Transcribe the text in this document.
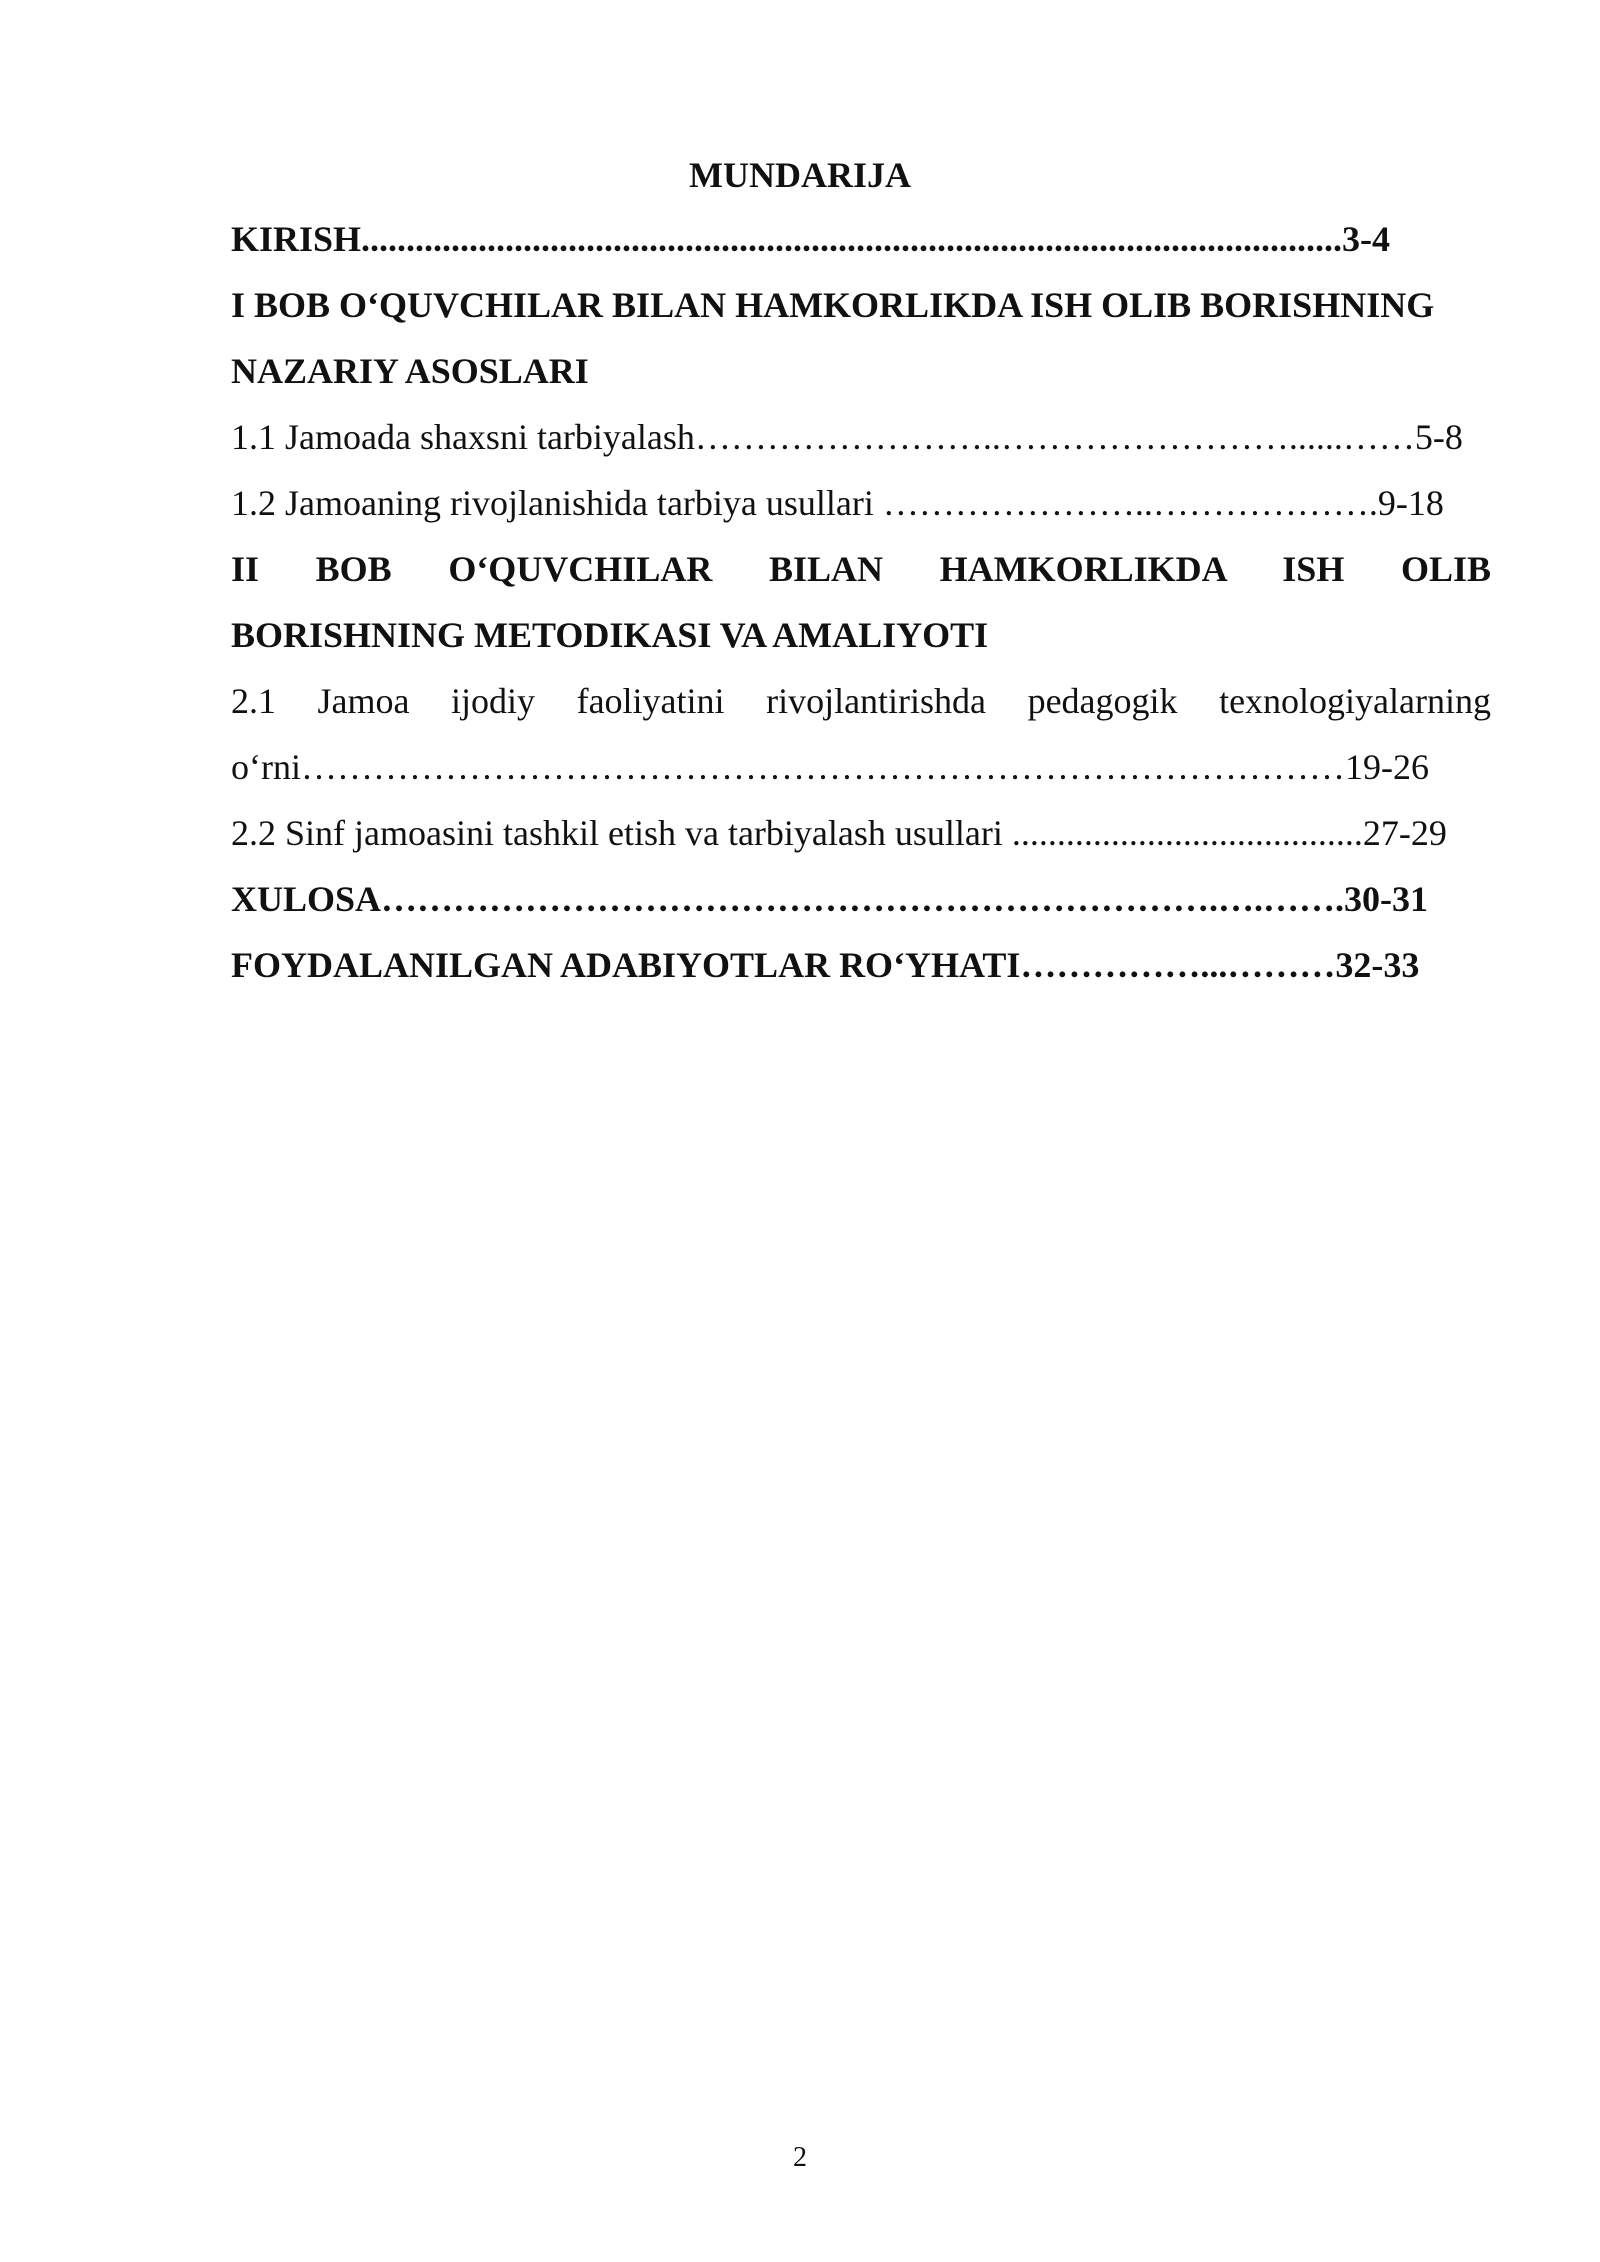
MUNDARIJA
KIRISH.............................................................................................................3-4
I BOB O‘QUVCHILAR BILAN HAMKORLIKDA ISH OLIB BORISHNING
NAZARIY ASOSLARI
1.1 Jamoada shaxsni tarbiyalash……………………..……………………......……5-8
1.2 Jamoaning rivojlanishida tarbiya usullari …………………..……………….9-18
II BOB O‘QUVCHILAR BILAN HAMKORLIKDA ISH OLIB
BORISHNING METODIKASI VA AMALIYOTI
2.1 Jamoa ijodiy faoliyatini rivojlantirishda pedagogik texnologiyalarning
o‘rni……………………………………………………………………………19-26
2.2 Sinf jamoasini tashkil etish va tarbiyalash usullari .......................................27-29
XULOSA…………………………………………………………….….…….30-31
FOYDALANILGAN ADABIYOTLAR RO‘YHATI……………...………32-33
2
